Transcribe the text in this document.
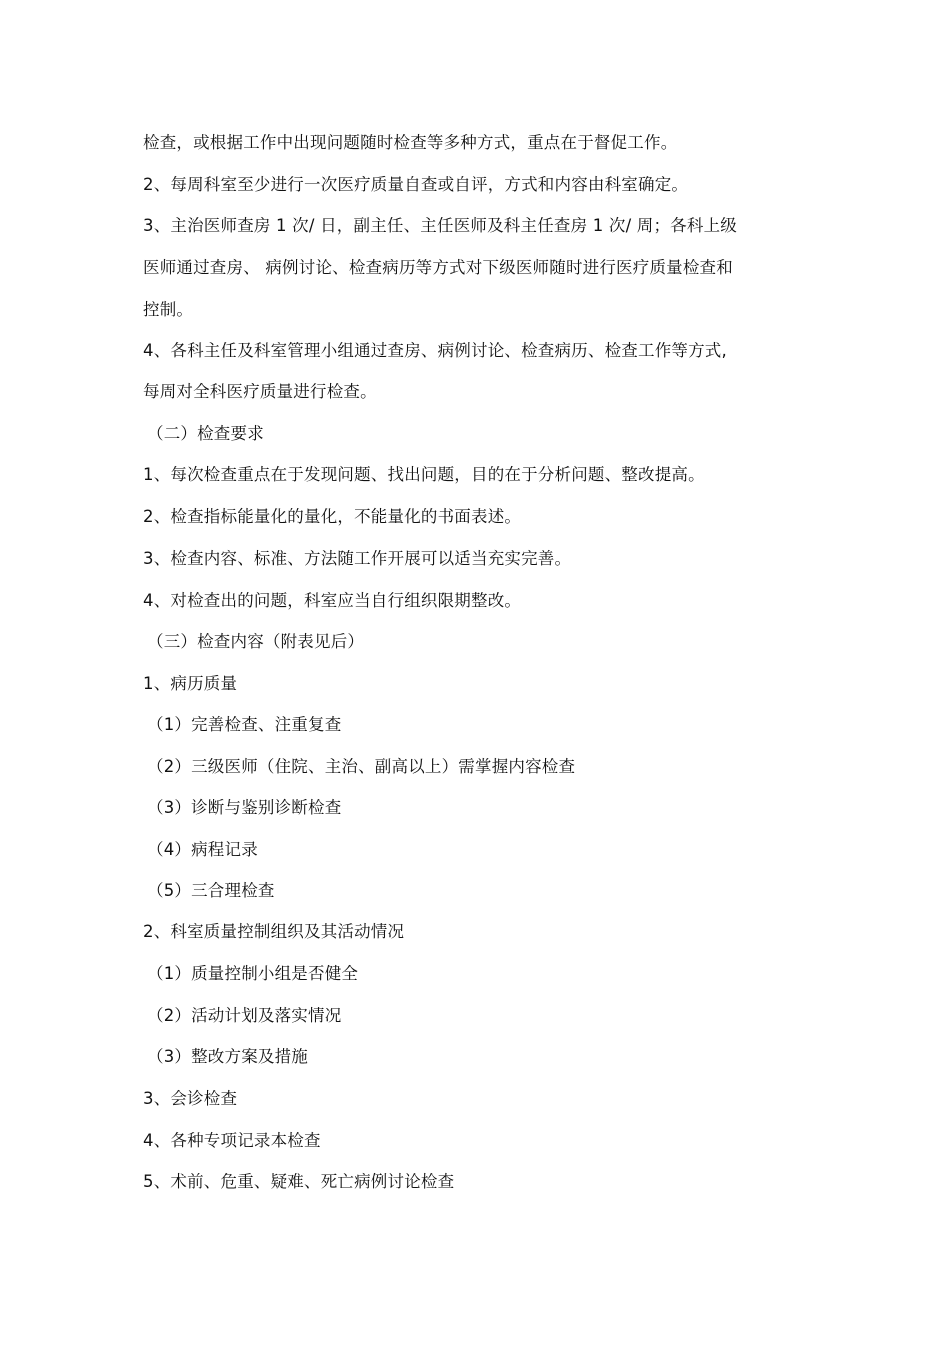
检查，或根据工作中出现问题随时检查等多种方式，重点在于督促工作。
2、每周科室至少进行一次医疗质量自查或自评，方式和内容由科室确定。
3、主治医师查房 1 次/ 日，副主任、主任医师及科主任查房 1 次/ 周；各科上级
医师通过查房、 病例讨论、检查病历等方式对下级医师随时进行医疗质量检查和
控制。
4、各科主任及科室管理小组通过查房、病例讨论、检查病历、检查工作等方式,
每周对全科医疗质量进行检查。
（二）检查要求
1、每次检查重点在于发现问题、找出问题，目的在于分析问题、整改提高。
2、检查指标能量化的量化，不能量化的书面表述。
3、检查内容、标准、方法随工作开展可以适当充实完善。
4、对检查出的问题，科室应当自行组织限期整改。
（三）检查内容（附表见后）
1、病历质量
（1）完善检查、注重复查
（2）三级医师（住院、主治、副高以上）需掌握内容检查
（3）诊断与鉴别诊断检查
（4）病程记录
（5）三合理检查
2、科室质量控制组织及其活动情况
（1）质量控制小组是否健全
（2）活动计划及落实情况
（3）整改方案及措施
3、会诊检查
4、各种专项记录本检查
5、术前、危重、疑难、死亡病例讨论检查
